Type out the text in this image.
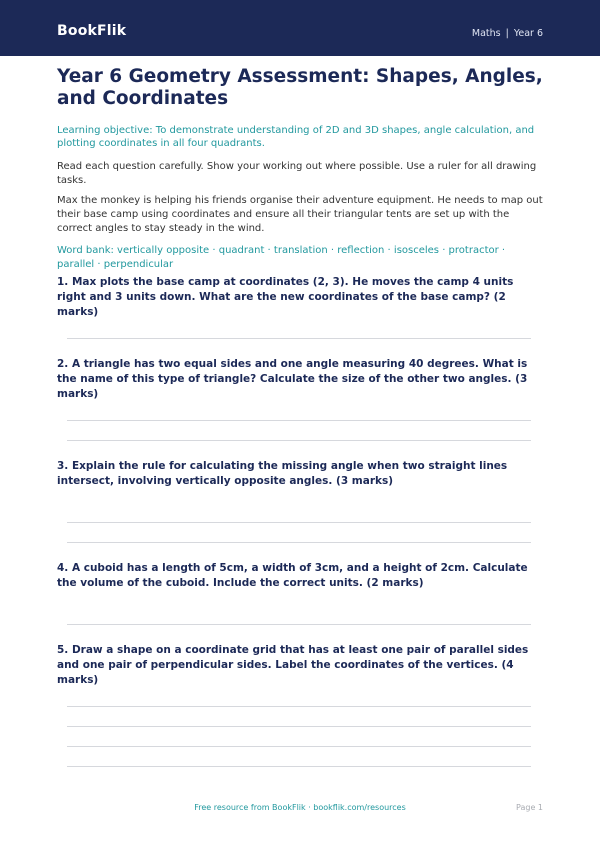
BookFlik	Maths | Year 6
Year 6 Geometry Assessment: Shapes, Angles, and Coordinates

Learning objective: To demonstrate understanding of 2D and 3D shapes, angle calculation, and plotting coordinates in all four quadrants.

Read each question carefully. Show your working out where possible. Use a ruler for all drawing tasks.

Max the monkey is helping his friends organise their adventure equipment. He needs to map out their base camp using coordinates and ensure all their triangular tents are set up with the correct angles to stay steady in the wind.

Word bank: vertically opposite · quadrant · translation · reflection · isosceles · protractor · parallel · perpendicular

1. Max plots the base camp at coordinates (2, 3). He moves the camp 4 units right and 3 units down. What are the new coordinates of the base camp? (2 marks)

2. A triangle has two equal sides and one angle measuring 40 degrees. What is the name of this type of triangle? Calculate the size of the other two angles. (3 marks)

3. Explain the rule for calculating the missing angle when two straight lines intersect, involving vertically opposite angles. (3 marks)

4. A cuboid has a length of 5cm, a width of 3cm, and a height of 2cm. Calculate the volume of the cuboid. Include the correct units. (2 marks)

5. Draw a shape on a coordinate grid that has at least one pair of parallel sides and one pair of perpendicular sides. Label the coordinates of the vertices. (4 marks)

Free resource from BookFlik · bookflik.com/resources	Page 1
